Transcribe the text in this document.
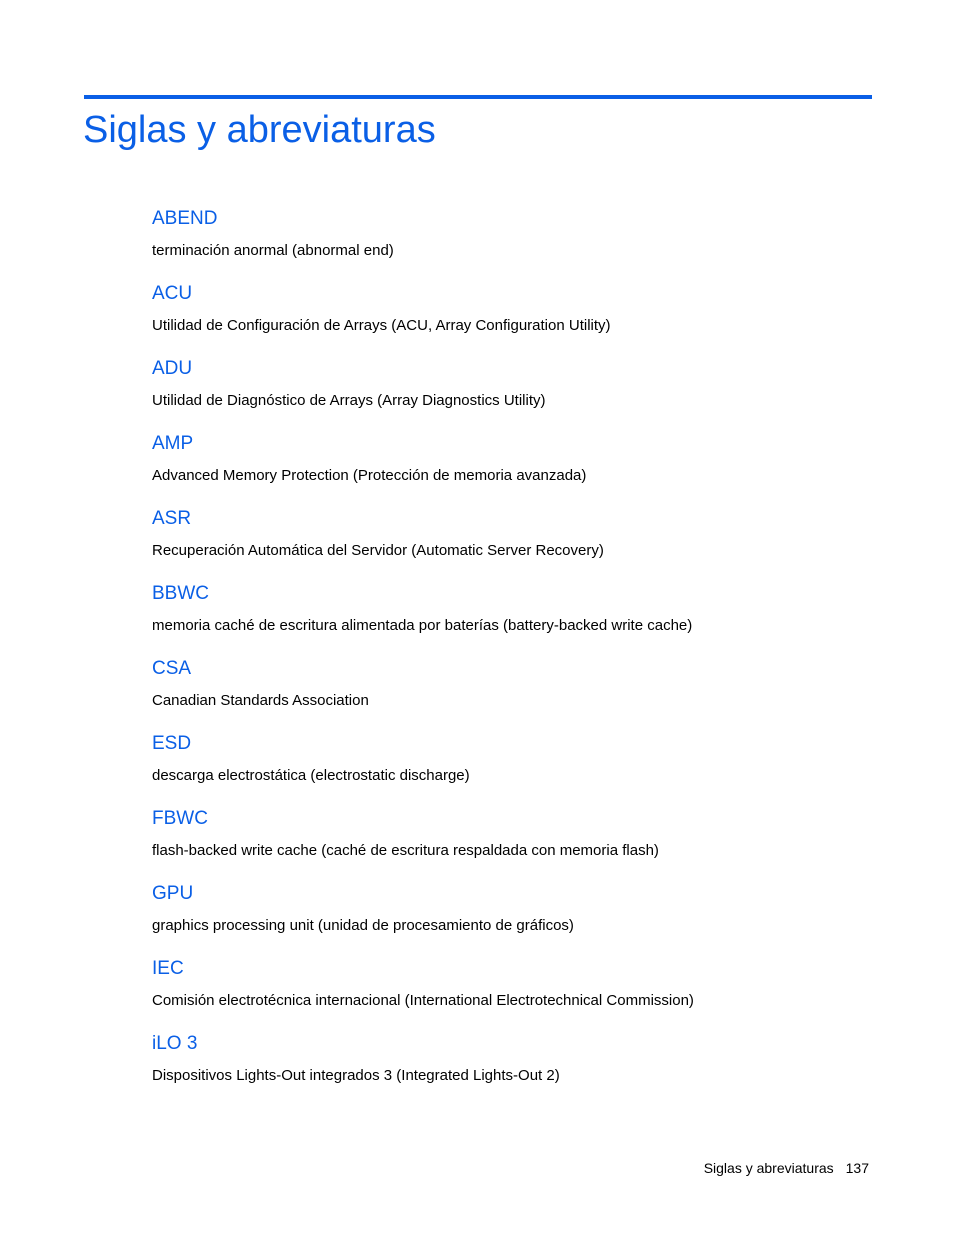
Siglas y abreviaturas
ABEND
terminación anormal (abnormal end)
ACU
Utilidad de Configuración de Arrays (ACU, Array Configuration Utility)
ADU
Utilidad de Diagnóstico de Arrays (Array Diagnostics Utility)
AMP
Advanced Memory Protection (Protección de memoria avanzada)
ASR
Recuperación Automática del Servidor (Automatic Server Recovery)
BBWC
memoria caché de escritura alimentada por baterías (battery-backed write cache)
CSA
Canadian Standards Association
ESD
descarga electrostática (electrostatic discharge)
FBWC
flash-backed write cache (caché de escritura respaldada con memoria flash)
GPU
graphics processing unit (unidad de procesamiento de gráficos)
IEC
Comisión electrotécnica internacional (International Electrotechnical Commission)
iLO 3
Dispositivos Lights-Out integrados 3 (Integrated Lights-Out 2)
Siglas y abreviaturas 137
